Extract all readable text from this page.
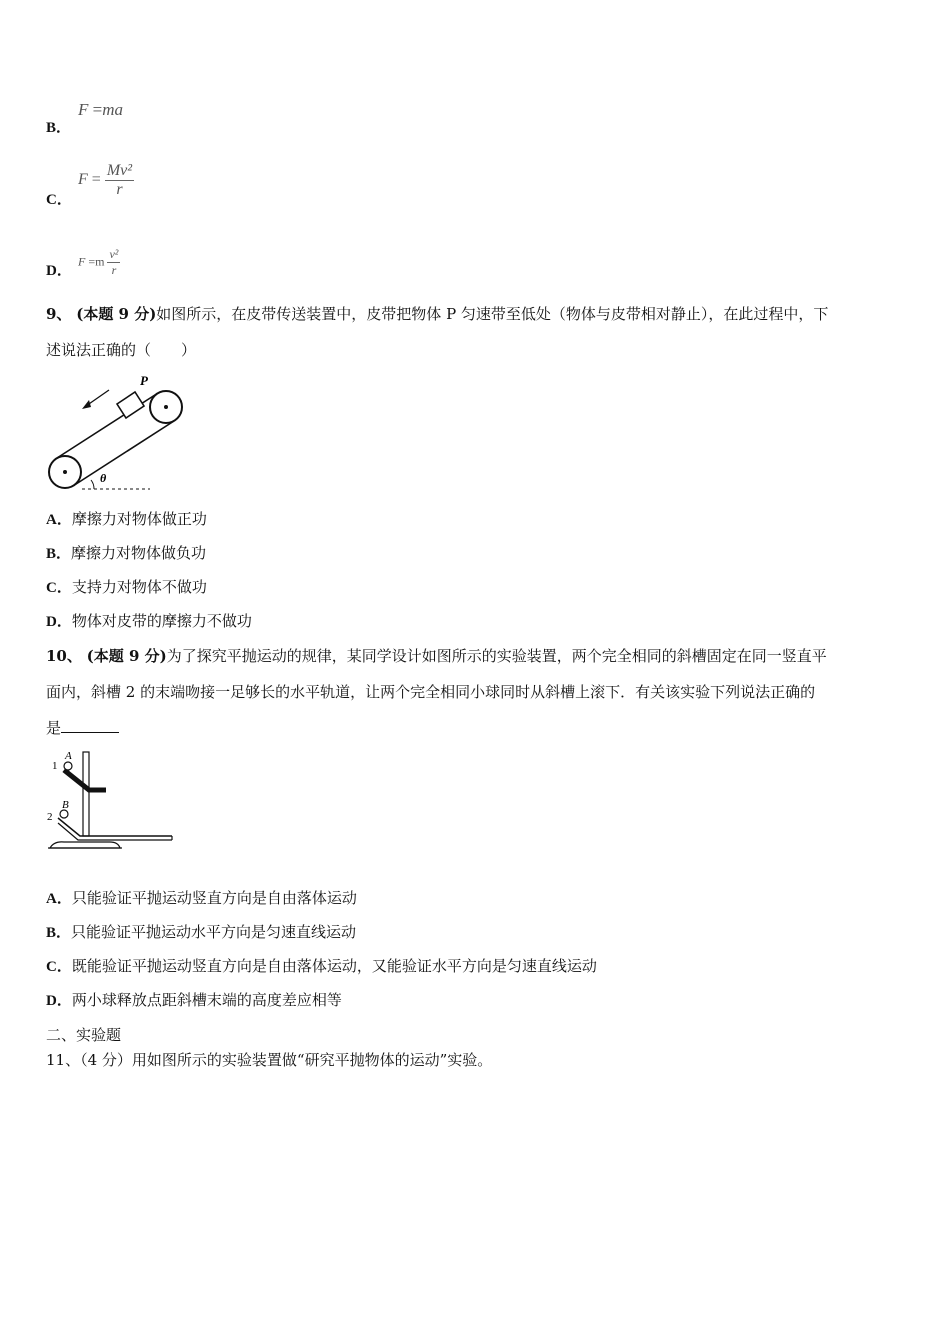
B．
F =ma
C．
$F = \frac{\text{Mv²}}{r}$
D．
$F =m \frac{\text{v²}}{r}$
9、 (本题 9 分)如图所示，在皮带传送装置中，皮带把物体 P 匀速带至低处（物体与皮带相对静止），在此过程中，下
述说法正确的（　　）
P
θ
A．摩擦力对物体做正功
B．摩擦力对物体做负功
C．支持力对物体不做功
D．物体对皮带的摩擦力不做功
10、 (本题 9 分)为了探究平抛运动的规律，某同学设计如图所示的实验装置，两个完全相同的斜槽固定在同一竖直平
面内，斜槽 2 的末端吻接一足够长的水平轨道，让两个完全相同小球同时从斜槽上滚下．有关该实验下列说法正确的
是
A
1
B
2
A．只能验证平抛运动竖直方向是自由落体运动
B．只能验证平抛运动水平方向是匀速直线运动
C．既能验证平抛运动竖直方向是自由落体运动，又能验证水平方向是匀速直线运动
D．两小球释放点距斜槽末端的高度差应相等
二、实验题
11、（4 分）用如图所示的实验装置做“研究平抛物体的运动”实验。
